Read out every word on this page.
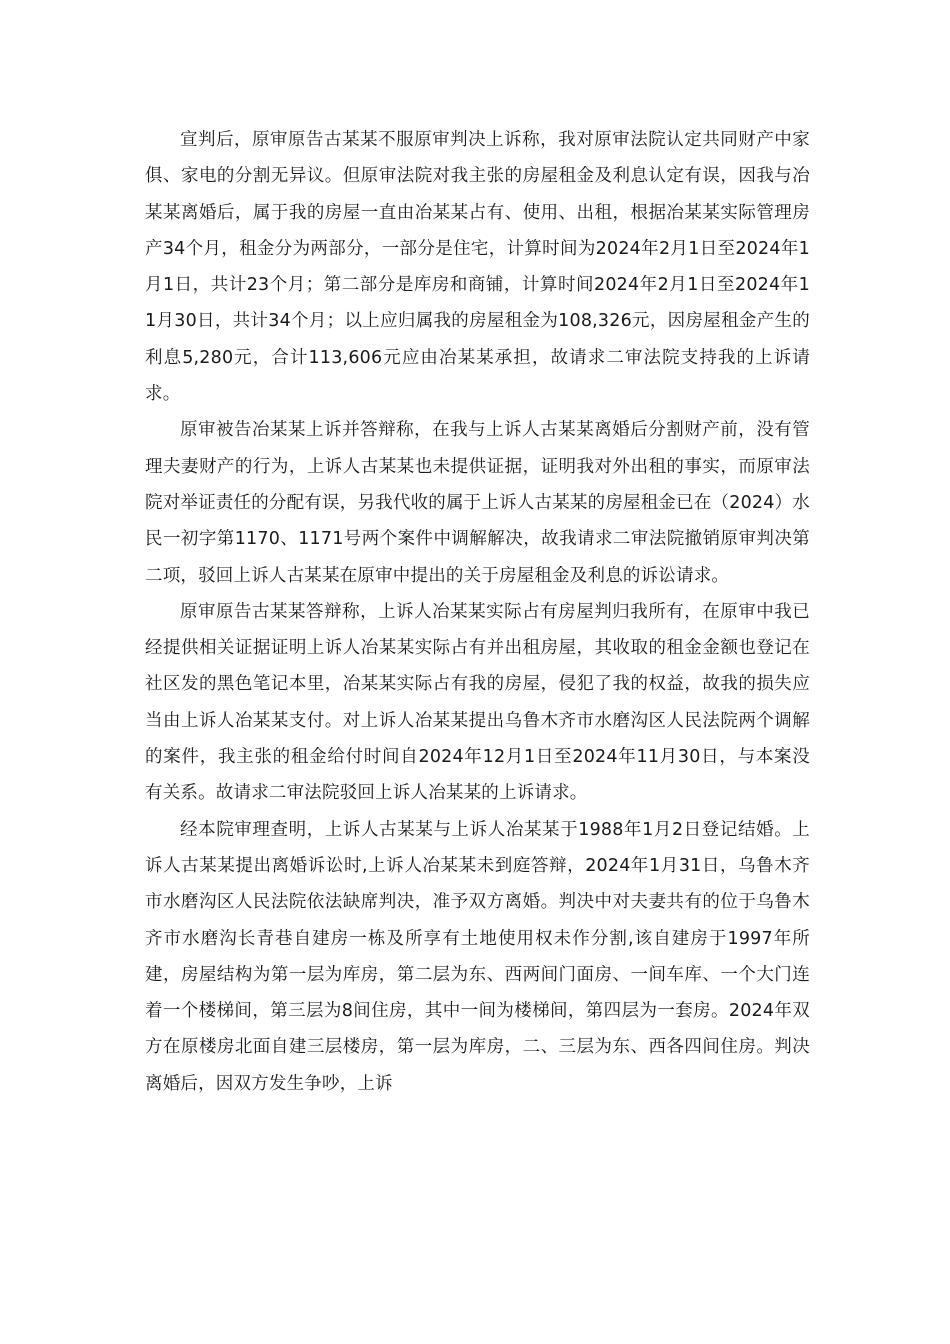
宣判后，原审原告古某某不服原审判决上诉称，我对原审法院认定共同财产中家俱、家电的分割无异议。但原审法院对我主张的房屋租金及利息认定有误，因我与冶某某离婚后，属于我的房屋一直由冶某某占有、使用、出租，根据冶某某实际管理房产34个月，租金分为两部分，一部分是住宅，计算时间为2024年2月1日至2024年1月1日，共计23个月；第二部分是库房和商铺，计算时间2024年2月1日至2024年11月30日，共计34个月；以上应归属我的房屋租金为108,326元，因房屋租金产生的利息5,280元，合计113,606元应由冶某某承担，故请求二审法院支持我的上诉请求。

原审被告冶某某上诉并答辩称，在我与上诉人古某某离婚后分割财产前，没有管理夫妻财产的行为，上诉人古某某也未提供证据，证明我对外出租的事实，而原审法院对举证责任的分配有误，另我代收的属于上诉人古某某的房屋租金已在（2024）水民一初字第1170、1171号两个案件中调解解决，故我请求二审法院撤销原审判决第二项，驳回上诉人古某某在原审中提出的关于房屋租金及利息的诉讼请求。

原审原告古某某答辩称，上诉人冶某某实际占有房屋判归我所有，在原审中我已经提供相关证据证明上诉人冶某某实际占有并出租房屋，其收取的租金金额也登记在社区发的黑色笔记本里，冶某某实际占有我的房屋，侵犯了我的权益，故我的损失应当由上诉人冶某某支付。对上诉人冶某某提出乌鲁木齐市水磨沟区人民法院两个调解的案件，我主张的租金给付时间自2024年12月1日至2024年11月30日，与本案没有关系。故请求二审法院驳回上诉人冶某某的上诉请求。

经本院审理查明，上诉人古某某与上诉人冶某某于1988年1月2日登记结婚。上诉人古某某提出离婚诉讼时,上诉人冶某某未到庭答辩，2024年1月31日，乌鲁木齐市水磨沟区人民法院依法缺席判决，准予双方离婚。判决中对夫妻共有的位于乌鲁木齐市水磨沟长青巷自建房一栋及所享有土地使用权未作分割,该自建房于1997年所建，房屋结构为第一层为库房，第二层为东、西两间门面房、一间车库、一个大门连着一个楼梯间，第三层为8间住房，其中一间为楼梯间，第四层为一套房。2024年双方在原楼房北面自建三层楼房，第一层为库房，二、三层为东、西各四间住房。判决离婚后，因双方发生争吵，上诉
